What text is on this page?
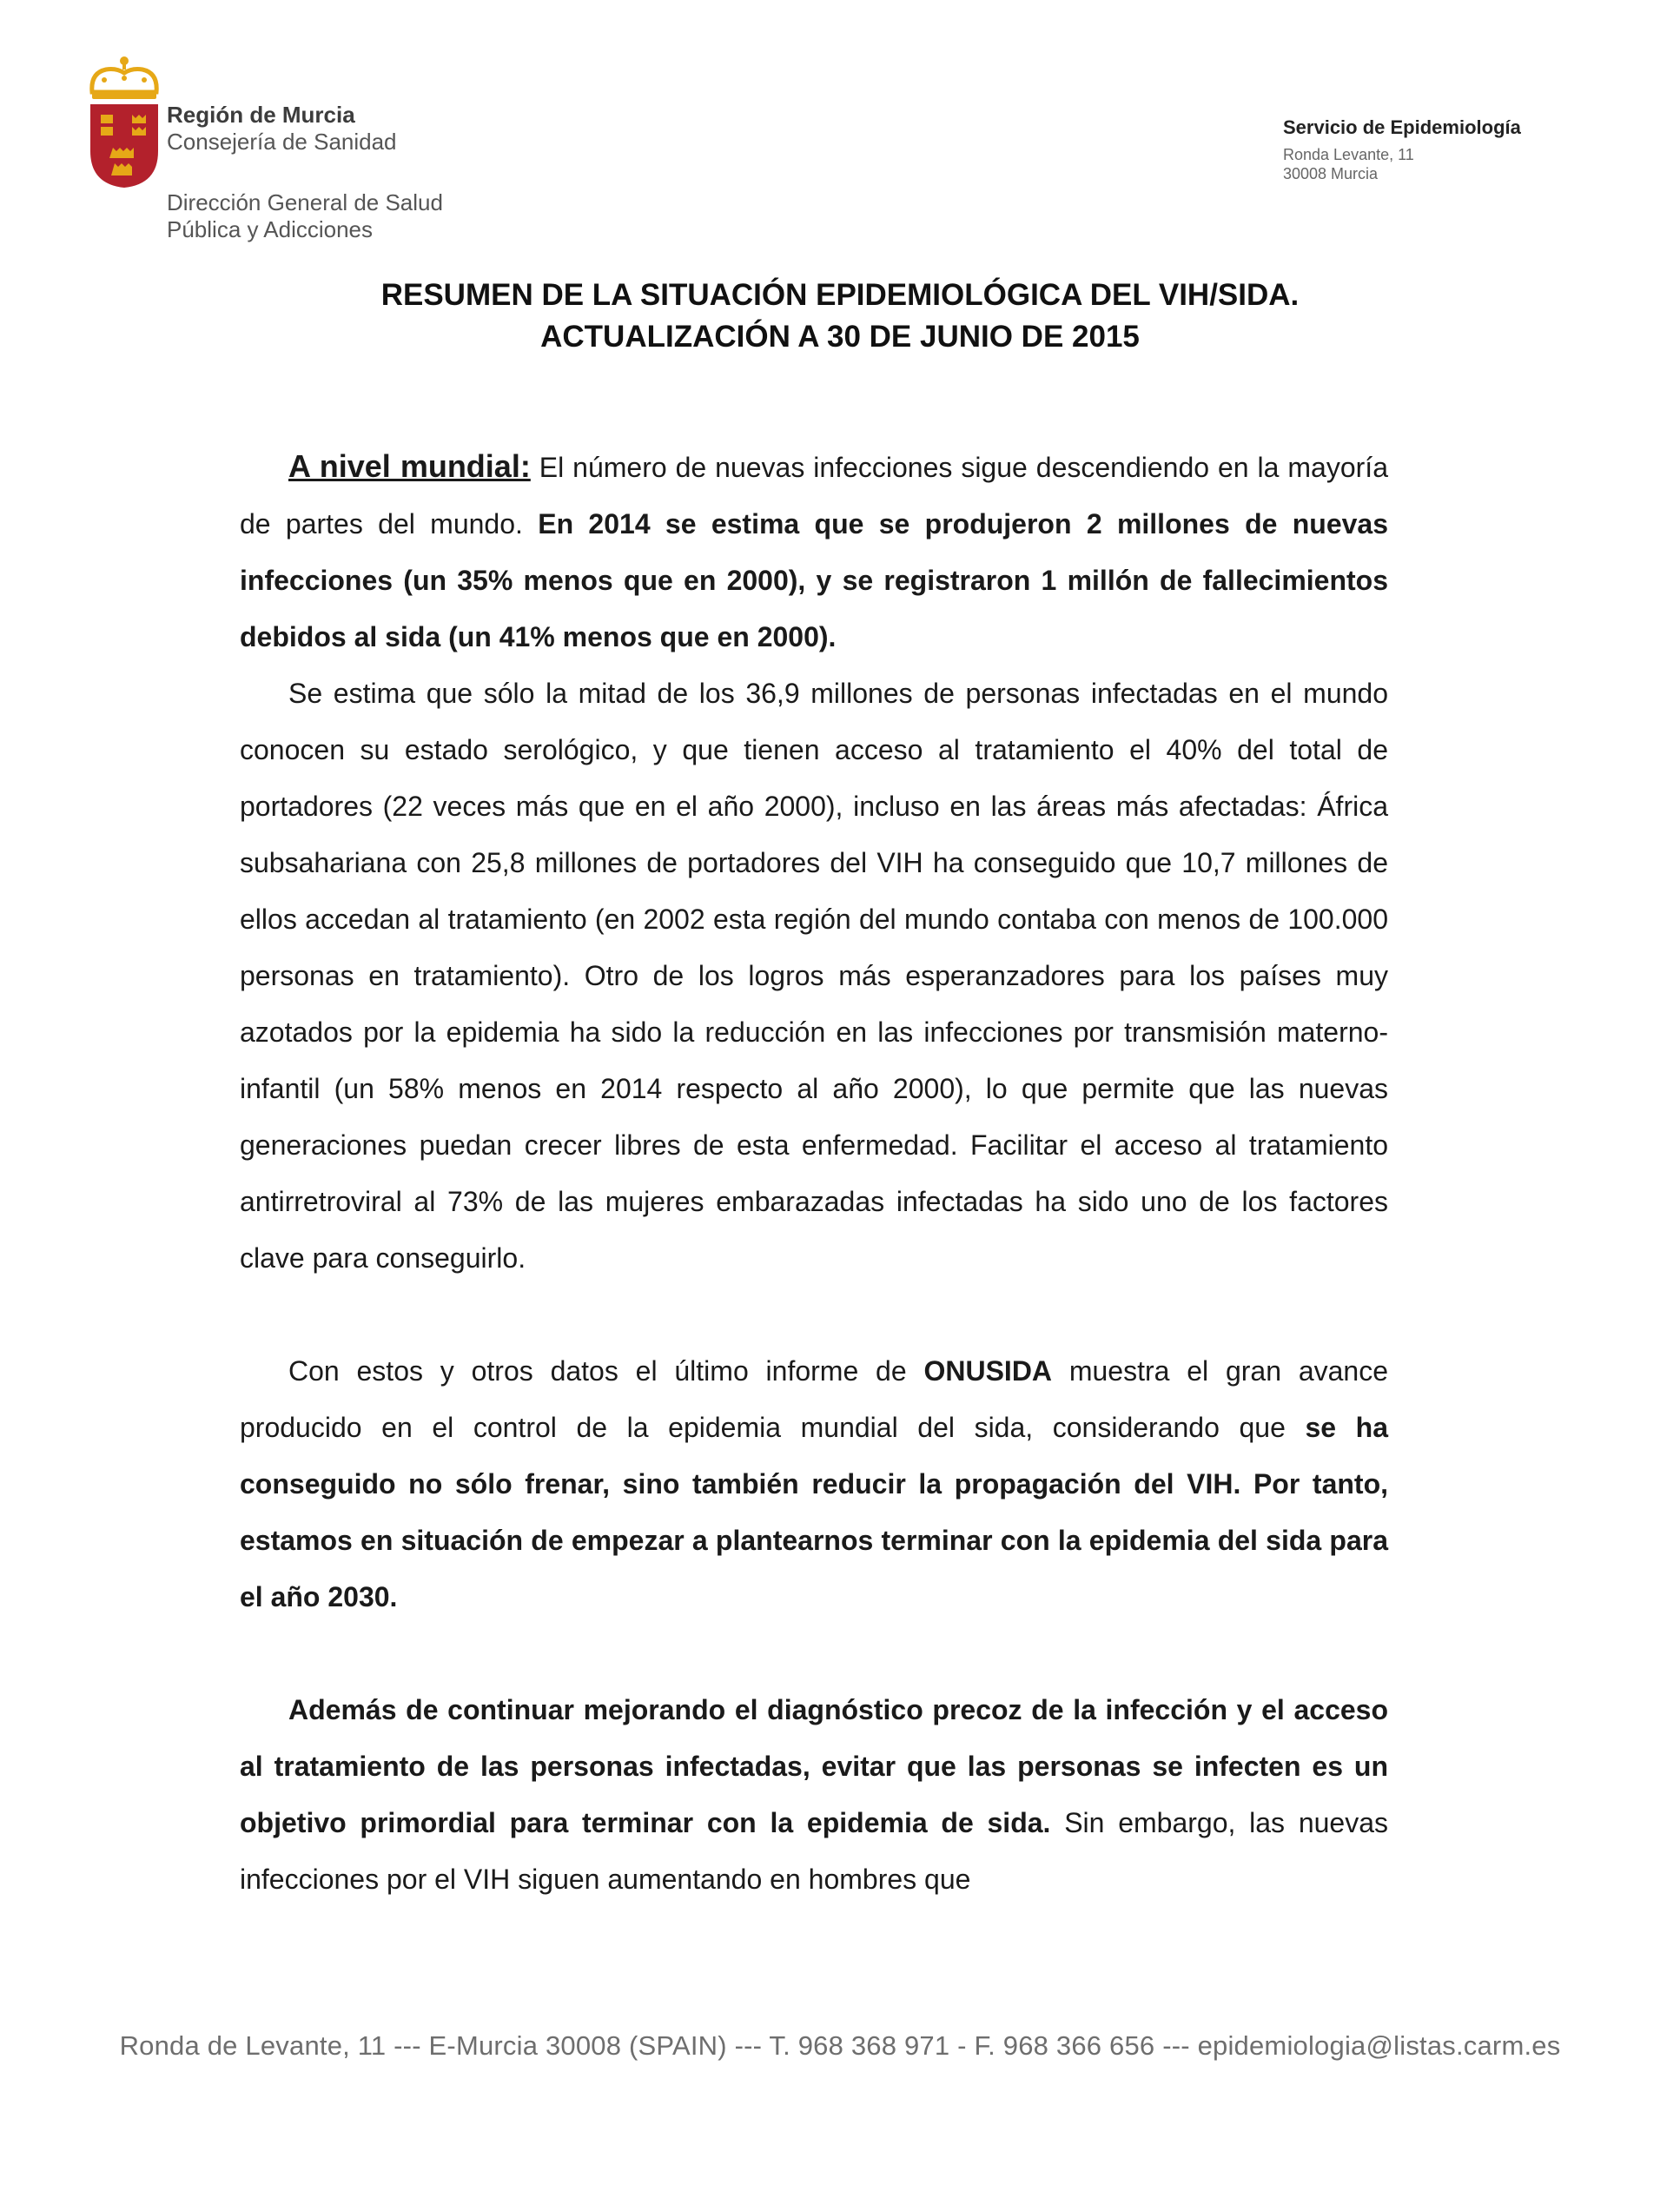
Región de Murcia
Consejería de Sanidad
Dirección General de Salud
Pública y Adicciones
Servicio de Epidemiología
Ronda Levante, 11
30008 Murcia
RESUMEN DE LA SITUACIÓN EPIDEMIOLÓGICA DEL VIH/SIDA.
ACTUALIZACIÓN A 30 DE JUNIO DE 2015

A nivel mundial: El número de nuevas infecciones sigue descendiendo en la mayoría de partes del mundo. En 2014 se estima que se produjeron 2 millones de nuevas infecciones (un 35% menos que en 2000), y se registraron 1 millón de fallecimientos debidos al sida (un 41% menos que en 2000).

Se estima que sólo la mitad de los 36,9 millones de personas infectadas en el mundo conocen su estado serológico, y que tienen acceso al tratamiento el 40% del total de portadores (22 veces más que en el año 2000), incluso en las áreas más afectadas: África subsahariana con 25,8 millones de portadores del VIH ha conseguido que 10,7 millones de ellos accedan al tratamiento (en 2002 esta región del mundo contaba con menos de 100.000 personas en tratamiento). Otro de los logros más esperanzadores para los países muy azotados por la epidemia ha sido la reducción en las infecciones por transmisión materno-infantil (un 58% menos en 2014 respecto al año 2000), lo que permite que las nuevas generaciones puedan crecer libres de esta enfermedad. Facilitar el acceso al tratamiento antirretroviral al 73% de las mujeres embarazadas infectadas ha sido uno de los factores clave para conseguirlo.

Con estos y otros datos el último informe de ONUSIDA muestra el gran avance producido en el control de la epidemia mundial del sida, considerando que se ha conseguido no sólo frenar, sino también reducir la propagación del VIH. Por tanto, estamos en situación de empezar a plantearnos terminar con la epidemia del sida para el año 2030.

Además de continuar mejorando el diagnóstico precoz de la infección y el acceso al tratamiento de las personas infectadas, evitar que las personas se infecten es un objetivo primordial para terminar con la epidemia de sida. Sin embargo, las nuevas infecciones por el VIH siguen aumentando en hombres que

Ronda de Levante, 11 --- E-Murcia 30008 (SPAIN) --- T. 968 368 971 - F. 968 366 656 --- epidemiologia@listas.carm.es
